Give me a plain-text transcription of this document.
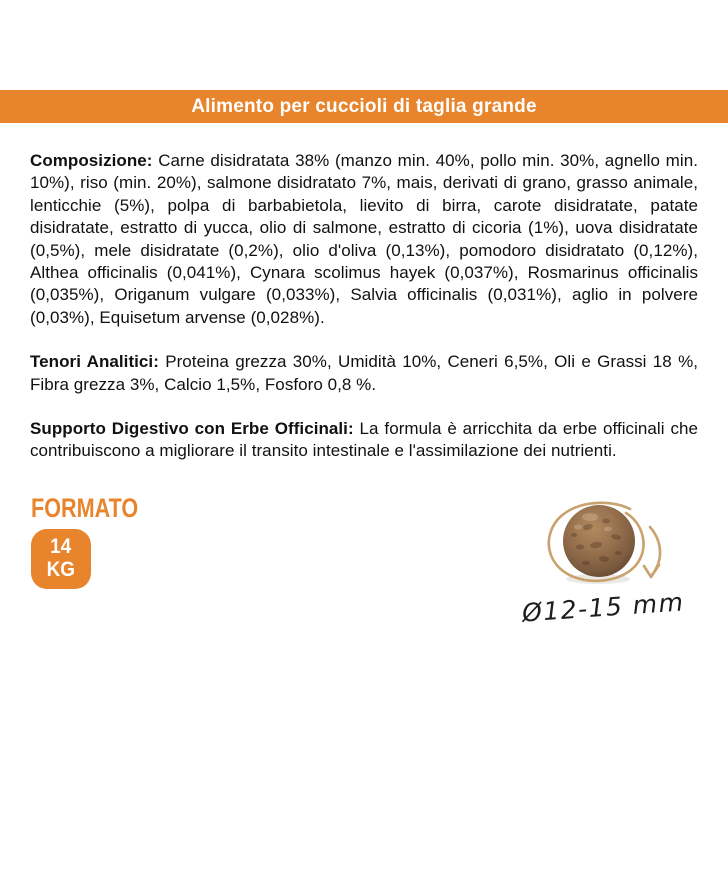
Alimento per cuccioli di taglia grande

Composizione: Carne disidratata 38% (manzo min. 40%, pollo min. 30%, agnello min. 10%), riso (min. 20%), salmone disidratato 7%, mais, derivati di grano, grasso animale, lenticchie (5%), polpa di barbabietola, lievito di birra, carote disidratate, patate disidratate, estratto di yucca, olio di salmone, estratto di cicoria (1%), uova disidratate (0,5%), mele disidratate (0,2%), olio d'oliva (0,13%), pomodoro disidratato (0,12%), Althea officinalis (0,041%), Cynara scolimus hayek (0,037%), Rosmarinus officinalis (0,035%), Origanum vulgare (0,033%), Salvia officinalis (0,031%), aglio in polvere (0,03%), Equisetum arvense (0,028%).

Tenori Analitici: Proteina grezza 30%, Umidità 10%, Ceneri 6,5%, Oli e Grassi 18 %, Fibra grezza 3%, Calcio 1,5%, Fosforo 0,8 %.

Supporto Digestivo con Erbe Officinali: La formula è arricchita da erbe officinali che contribuiscono a migliorare il transito intestinale e l'assimilazione dei nutrienti.

FORMATO
14
KG
Ø12-15 mm
